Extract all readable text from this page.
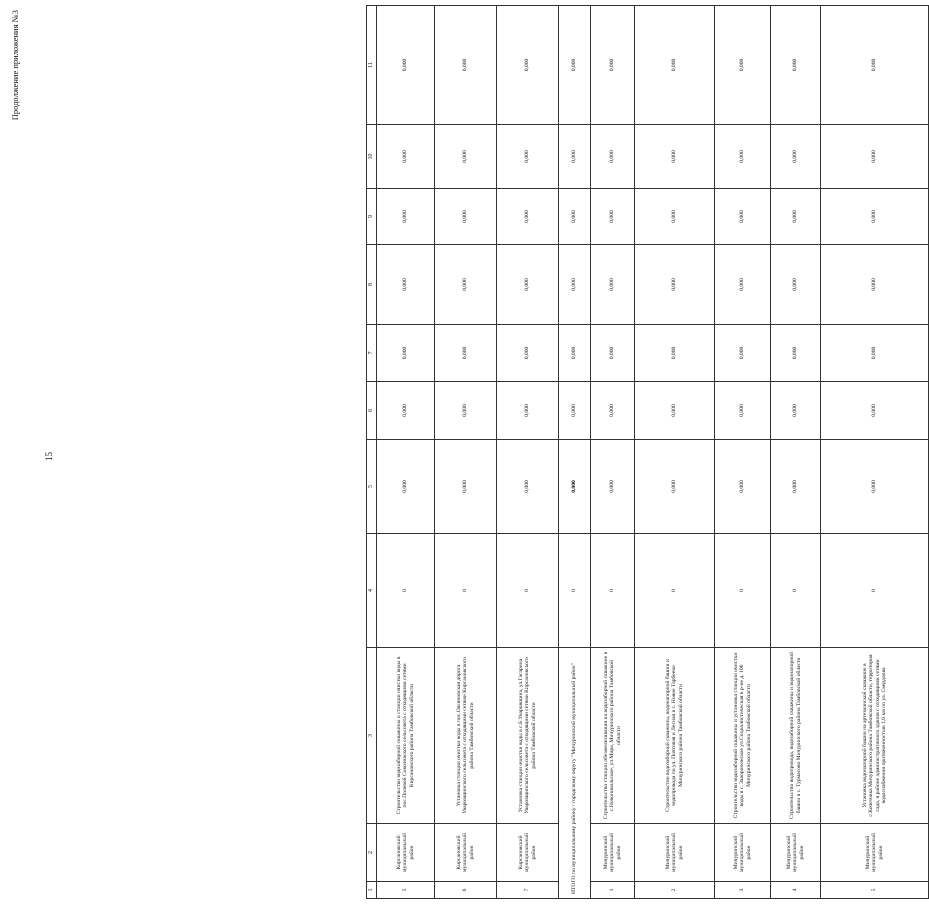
Продолжение приложения №3
15
1	2	3	4	5	6	7	8	9	10	11
5	Кирсановский муниципальный район	Строительство водозаборной скважины и станции очистки воды в пос.Полевой Соколовского сельсовета с отходящими сетями Кирсановского района Тамбовской области	0	0,000	0,000	0,000	0,000	0,000	0,000	0,000
6	Кирсановский муниципальный район	Установка станции очистки воды в пос.Овсяновская дорога Уваровщинского сельсовета с отходящими сетями Кирсановского района Тамбовской области	0	0,000	0,000	0,000	0,000	0,000	0,000	0,000
7	Кирсановский муниципальный район	Установка станции очистки воды в с.Б.Уваровщина, ул.Гагарина Уваровщинского сельсовета с отходящими сетями Кирсановского района Тамбовской области	0	0,000	0,000	0,000	0,000	0,000	0,000	0,000
ИТОГО по муниципальному району / городскому округу "Мичуринский муниципальный район"			0	0,000	0,000	0,000	0,000	0,000	0,000	0,000
1	Мичуринский муниципальный район	Строительство станции обезжелезивания на водозаборной скважине в с.Новоникольское, ул.Мира, Мичуринского района Тамбовской области	0	0,000	0,000	0,000	0,000	0,000	0,000	0,000
2	Мичуринский муниципальный район	Строительство водозаборной скважины, водонапорной башни и водопровода по ул. Почтовая и Лесная в с. Новое Тарбеево Мичуринского района Тамбовской области	0	0,000	0,000	0,000	0,000	0,000	0,000	0,000
3	Мичуринский муниципальный район	Строительство водозаборной скважины и установка станции очистки воды в с. Заворонежское ул.Социалистическая в р-не д. 106 Мичуринского района Тамбовской области	0	0,000	0,000	0,000	0,000	0,000	0,000	0,000
4	Мичуринский муниципальный район	Строительство водопровода, водозаборной скважины и водонапорной башни в с. Турмасово Мичуринского района Тамбовской области	0	0,000	0,000	0,000	0,000	0,000	0,000	0,000
5	Мичуринский муниципальный район	Установка водонапорной башни на артезианской скважине в с.Кочетовка Мичуринского района Тамбовской области, территория сада, в районе административного здания с отходящими сетями водоснабжения протяженностью 1,0 км по ул. Свердлова	0	0,000	0,000	0,000	0,000	0,000	0,000	0,000
